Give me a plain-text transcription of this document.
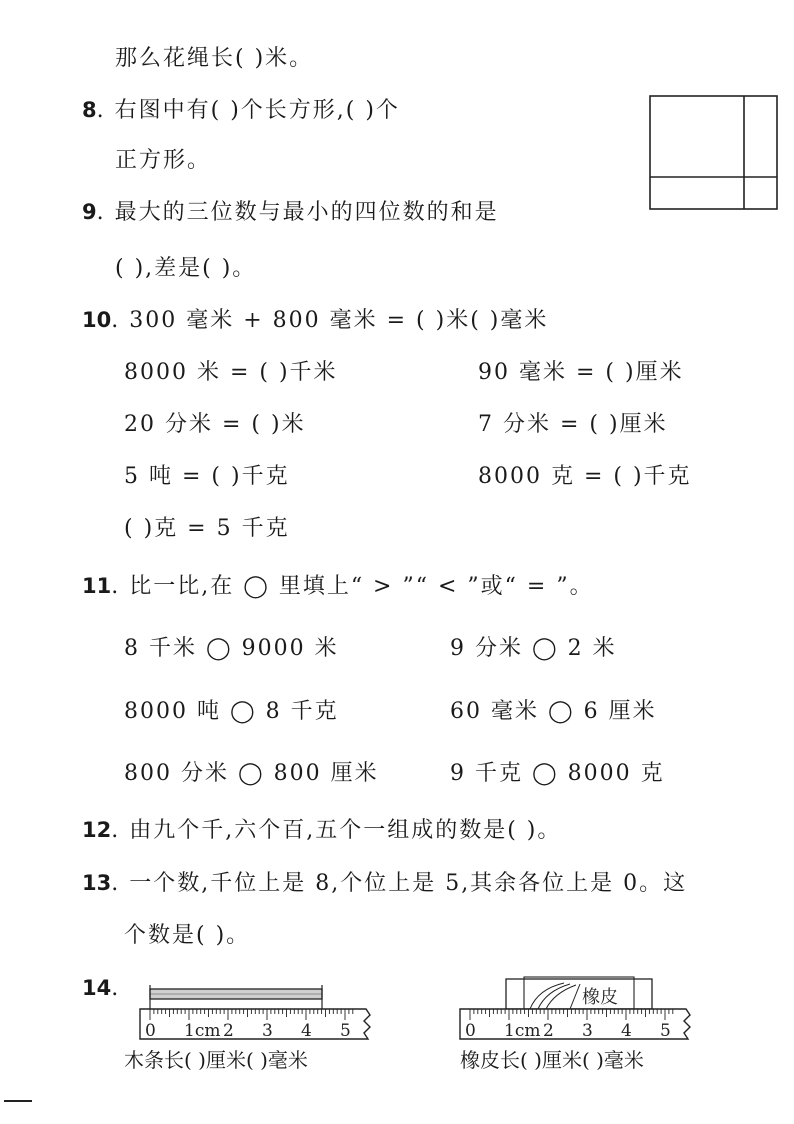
那么花绳长( )米。
8. 右图中有( )个长方形,( )个
正方形。
9. 最大的三位数与最小的四位数的和是
( ),差是( )。
10. 300 毫米 + 800 毫米 = ( )米( )毫米
8000 米 = ( )千米	90 毫米 = ( )厘米
20 分米 = ( )米	7 分米 = ( )厘米
5 吨 = ( )千克	8000 克 = ( )千克
( )克 = 5 千克
11. 比一比,在 ◯ 里填上“ > ”“ < ”或“ = ”。
8 千米 ◯ 9000 米	9 分米 ◯ 2 米
8000 吨 ◯ 8 千克	60 毫米 ◯ 6 厘米
800 分米 ◯ 800 厘米	9 千克 ◯ 8000 克
12. 由九个千,六个百,五个一组成的数是( )。
13. 一个数,千位上是 8,个位上是 5,其余各位上是 0。这
个数是( )。
14.
0 1cm 2 3 4 5
橡皮
0 1cm 2 3 4 5
木条长( )厘米( )毫米	橡皮长( )厘米( )毫米
